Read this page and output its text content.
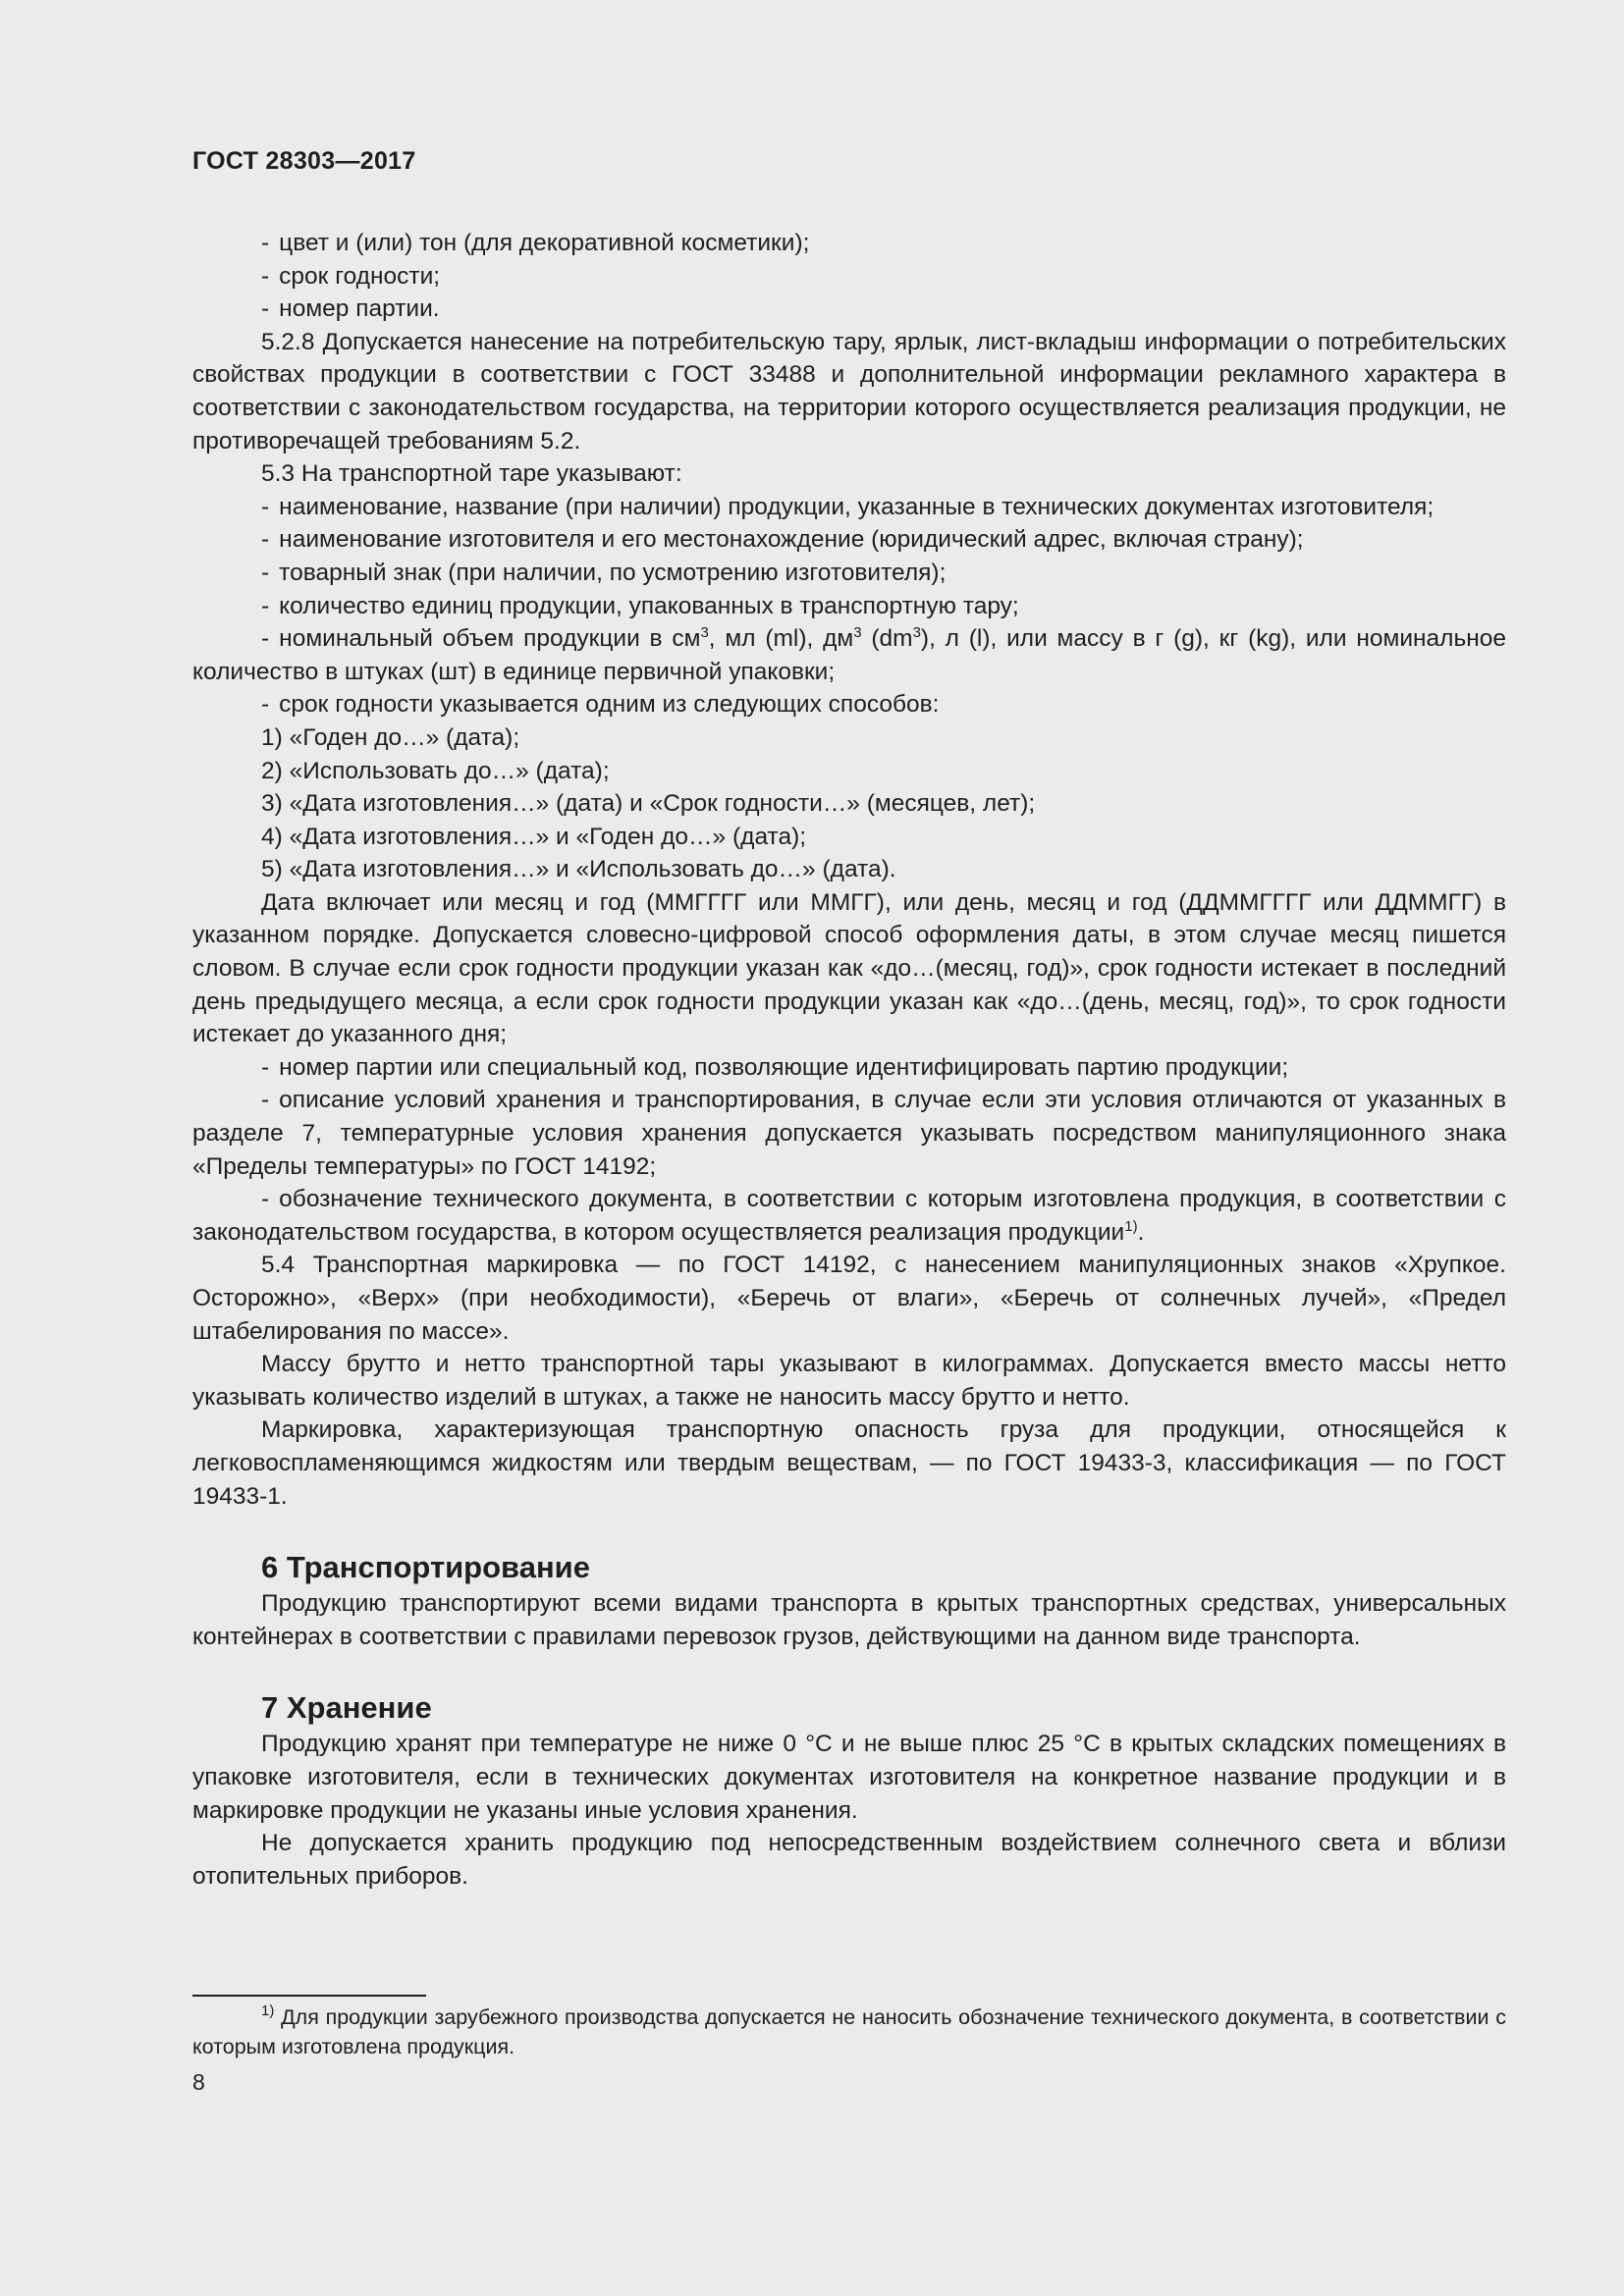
ГОСТ 28303—2017

- цвет и (или) тон (для декоративной косметики);

- срок годности;

- номер партии.

5.2.8 Допускается нанесение на потребительскую тару, ярлык, лист-вкладыш информации о потребительских свойствах продукции в соответствии с ГОСТ 33488 и дополнительной информации рекламного характера в соответствии с законодательством государства, на территории которого осуществляется реализация продукции, не противоречащей требованиям 5.2.

5.3 На транспортной таре указывают:

- наименование, название (при наличии) продукции, указанные в технических документах изготовителя;

- наименование изготовителя и его местонахождение (юридический адрес, включая страну);

- товарный знак (при наличии, по усмотрению изготовителя);

- количество единиц продукции, упакованных в транспортную тару;

- номинальный объем продукции в $см^3$, мл (ml), $дм^3$ $(dm^3)$, л (l), или массу в г (g), кг (kg), или номинальное количество в штуках (шт) в единице первичной упаковки;

- срок годности указывается одним из следующих способов:

1) «Годен до…» (дата);

2) «Использовать до…» (дата);

3) «Дата изготовления…» (дата) и «Срок годности…» (месяцев, лет);

4) «Дата изготовления…» и «Годен до…» (дата);

5) «Дата изготовления…» и «Использовать до…» (дата).

Дата включает или месяц и год (ММГГГГ или ММГГ), или день, месяц и год (ДДММГГГГ или ДДММГГ) в указанном порядке. Допускается словесно-цифровой способ оформления даты, в этом случае месяц пишется словом. В случае если срок годности продукции указан как «до…(месяц, год)», срок годности истекает в последний день предыдущего месяца, а если срок годности продукции указан как «до…(день, месяц, год)», то срок годности истекает до указанного дня;

- номер партии или специальный код, позволяющие идентифицировать партию продукции;

- описание условий хранения и транспортирования, в случае если эти условия отличаются от указанных в разделе 7, температурные условия хранения допускается указывать посредством манипуляционного знака «Пределы температуры» по ГОСТ 14192;

- обозначение технического документа, в соответствии с которым изготовлена продукция, в соответствии с законодательством государства, в котором осуществляется реализация продукции$^{1)}$.

5.4 Транспортная маркировка — по ГОСТ 14192, с нанесением манипуляционных знаков «Хрупкое. Осторожно», «Верх» (при необходимости), «Беречь от влаги», «Беречь от солнечных лучей», «Предел штабелирования по массе».

Массу брутто и нетто транспортной тары указывают в килограммах. Допускается вместо массы нетто указывать количество изделий в штуках, а также не наносить массу брутто и нетто.

Маркировка, характеризующая транспортную опасность груза для продукции, относящейся к легковоспламеняющимся жидкостям или твердым веществам, — по ГОСТ 19433-3, классификация — по ГОСТ 19433-1.

6 Транспортирование

Продукцию транспортируют всеми видами транспорта в крытых транспортных средствах, универсальных контейнерах в соответствии с правилами перевозок грузов, действующими на данном виде транспорта.

7 Хранение

Продукцию хранят при температуре не ниже 0 °С и не выше плюс 25 °С в крытых складских помещениях в упаковке изготовителя, если в технических документах изготовителя на конкретное название продукции и в маркировке продукции не указаны иные условия хранения.

Не допускается хранить продукцию под непосредственным воздействием солнечного света и вблизи отопительных приборов.

$^{1)}$ Для продукции зарубежного производства допускается не наносить обозначение технического документа, в соответствии с которым изготовлена продукция.

8
